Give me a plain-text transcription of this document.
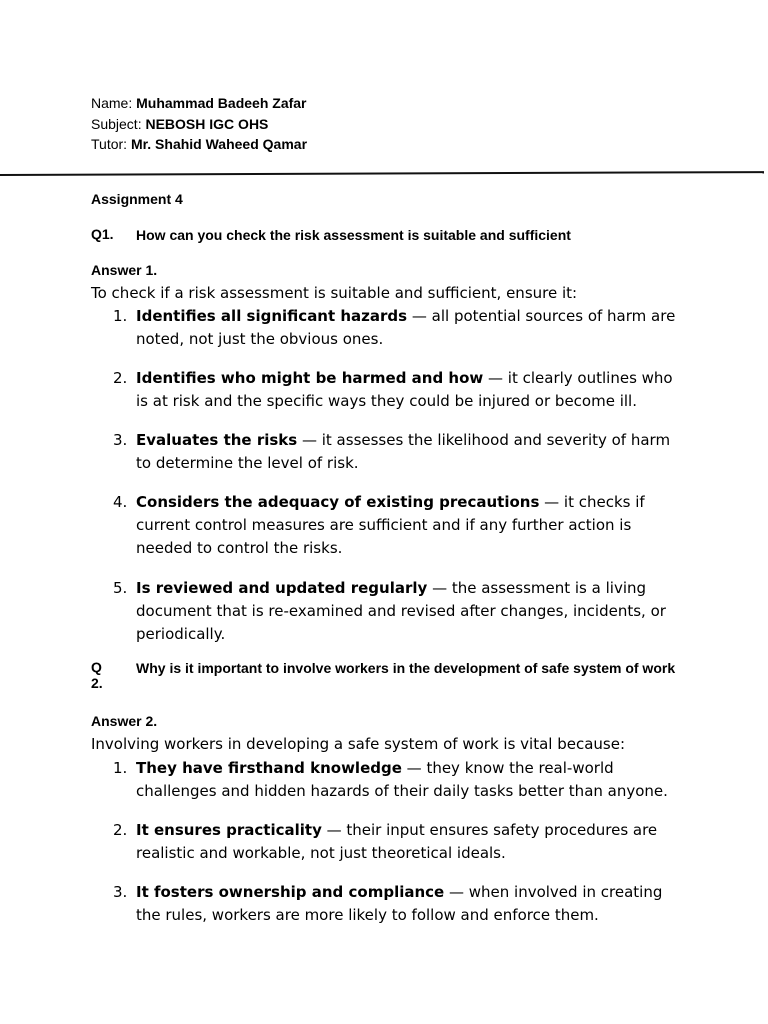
Name: Muhammad Badeeh Zafar
Subject: NEBOSH IGC OHS
Tutor: Mr. Shahid Waheed Qamar
Assignment 4
Q1. How can you check the risk assessment is suitable and sufficient
Answer 1.
To check if a risk assessment is suitable and sufficient, ensure it:
1. Identifies all significant hazards — all potential sources of harm are noted, not just the obvious ones.
2. Identifies who might be harmed and how — it clearly outlines who is at risk and the specific ways they could be injured or become ill.
3. Evaluates the risks — it assesses the likelihood and severity of harm to determine the level of risk.
4. Considers the adequacy of existing precautions — it checks if current control measures are sufficient and if any further action is needed to control the risks.
5. Is reviewed and updated regularly — the assessment is a living document that is re-examined and revised after changes, incidents, or periodically.
Q 2.
Why is it important to involve workers in the development of safe system of work
Answer 2.
Involving workers in developing a safe system of work is vital because:
1. They have firsthand knowledge — they know the real-world challenges and hidden hazards of their daily tasks better than anyone.
2. It ensures practicality — their input ensures safety procedures are realistic and workable, not just theoretical ideals.
3. It fosters ownership and compliance — when involved in creating the rules, workers are more likely to follow and enforce them.
